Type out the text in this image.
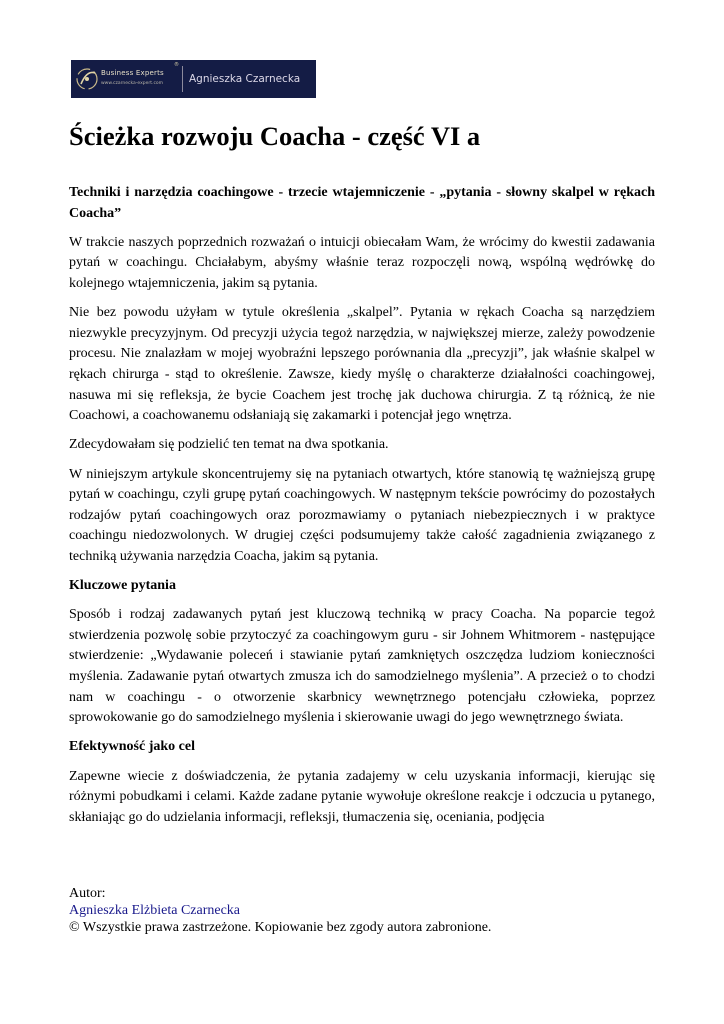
Business Experts
®
www.czarnecka-expert.com Agnieszka Czarnecka
Ścieżka rozwoju Coacha - część VI a

Techniki i narzędzia coachingowe - trzecie wtajemniczenie - „pytania - słowny skalpel w rękach Coacha”

W trakcie naszych poprzednich rozważań o intuicji obiecałam Wam, że wrócimy do kwestii zadawania pytań w coachingu. Chciałabym, abyśmy właśnie teraz rozpoczęli nową, wspólną wędrówkę do kolejnego wtajemniczenia, jakim są pytania.

Nie bez powodu użyłam w tytule określenia „skalpel”. Pytania w rękach Coacha są narzędziem niezwykle precyzyjnym. Od precyzji użycia tegoż narzędzia, w największej mierze, zależy powodzenie procesu. Nie znalazłam w mojej wyobraźni lepszego porównania dla „precyzji”, jak właśnie skalpel w rękach chirurga - stąd to określenie. Zawsze, kiedy myślę o charakterze działalności coachingowej, nasuwa mi się refleksja, że bycie Coachem jest trochę jak duchowa chirurgia. Z tą różnicą, że nie Coachowi, a coachowanemu odsłaniają się zakamarki i potencjał jego wnętrza.

Zdecydowałam się podzielić ten temat na dwa spotkania.

W niniejszym artykule skoncentrujemy się na pytaniach otwartych, które stanowią tę ważniejszą grupę pytań w coachingu, czyli grupę pytań coachingowych. W następnym tekście powrócimy do pozostałych rodzajów pytań coachingowych oraz porozmawiamy o pytaniach niebezpiecznych i w praktyce coachingu niedozwolonych. W drugiej części podsumujemy także całość zagadnienia związanego z techniką używania narzędzia Coacha, jakim są pytania.

Kluczowe pytania

Sposób i rodzaj zadawanych pytań jest kluczową techniką w pracy Coacha. Na poparcie tegoż stwierdzenia pozwolę sobie przytoczyć za coachingowym guru - sir Johnem Whitmorem - następujące stwierdzenie: „Wydawanie poleceń i stawianie pytań zamkniętych oszczędza ludziom konieczności myślenia. Zadawanie pytań otwartych zmusza ich do samodzielnego myślenia”. A przecież o to chodzi nam w coachingu - o otworzenie skarbnicy wewnętrznego potencjału człowieka, poprzez sprowokowanie go do samodzielnego myślenia i skierowanie uwagi do jego wewnętrznego świata.

Efektywność jako cel

Zapewne wiecie z doświadczenia, że pytania zadajemy w celu uzyskania informacji, kierując się różnymi pobudkami i celami. Każde zadane pytanie wywołuje określone reakcje i odczucia u pytanego, skłaniając go do udzielania informacji, refleksji, tłumaczenia się, oceniania, podjęcia

Autor:
Agnieszka Elżbieta Czarnecka
© Wszystkie prawa zastrzeżone. Kopiowanie bez zgody autora zabronione.
